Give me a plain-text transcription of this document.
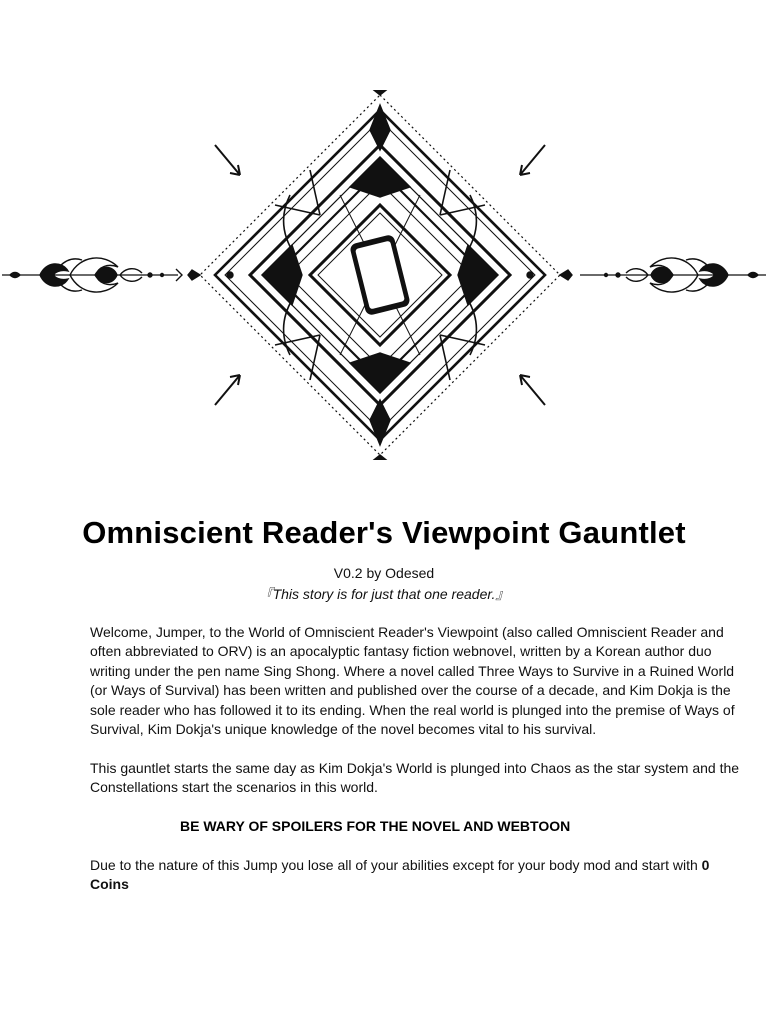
Omniscient Reader's Viewpoint Gauntlet
V0.2 by Odesed
『This story is for just that one reader.』

Welcome, Jumper, to the World of Omniscient Reader's Viewpoint (also called Omniscient Reader and often abbreviated to ORV) is an apocalyptic fantasy fiction webnovel, written by a Korean author duo writing under the pen name Sing Shong. Where a novel called Three Ways to Survive in a Ruined World (or Ways of Survival) has been written and published over the course of a decade, and Kim Dokja is the sole reader who has followed it to its ending. When the real world is plunged into the premise of Ways of Survival, Kim Dokja's unique knowledge of the novel becomes vital to his survival.

This gauntlet starts the same day as Kim Dokja's World is plunged into Chaos as the star system and the Constellations start the scenarios in this world.

BE WARY OF SPOILERS FOR THE NOVEL AND WEBTOON

Due to the nature of this Jump you lose all of your abilities except for your body mod and start with 0 Coins
